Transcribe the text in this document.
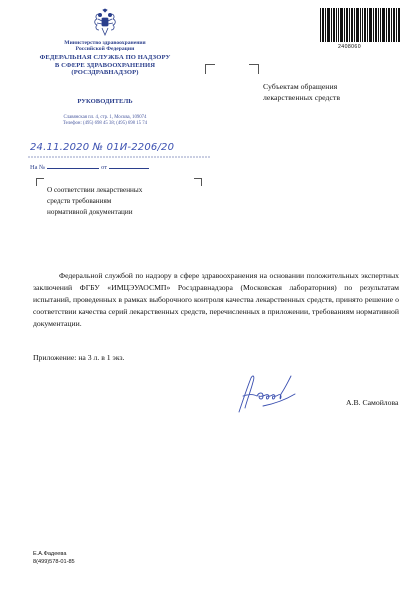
Министерство здравоохранения
Российской Федерации
ФЕДЕРАЛЬНАЯ СЛУЖБА ПО НАДЗОРУ
В СФЕРЕ ЗДРАВООХРАНЕНИЯ
(РОСЗДРАВНАДЗОР)
РУКОВОДИТЕЛЬ
Славянская пл. 4, стр. 1, Москва, 109074
Телефон: (495) 698 45 38; (495) 698 15 74
24.11.2020 № 01И-2206/20
На №	от
2408060
Субъектам обращения
лекарственных средств
О соответствии лекарственных
средств требованиям
нормативной документации
Федеральной службой по надзору в сфере здравоохранения на основании положительных экспертных заключений ФГБУ «ИМЦЭУАОСМП» Росздравнадзора (Московская лабораторния) по результатам испытаний, проведенных в рамках выборочного контроля качества лекарственных средств, принято решение о соответствии качества серий лекарственных средств, перечисленных в приложении, требованиям нормативной документации.
Приложение: на 3 л. в 1 экз.
А.В. Самойлова
Е.А.Фадеева
8(499)578-01-85
